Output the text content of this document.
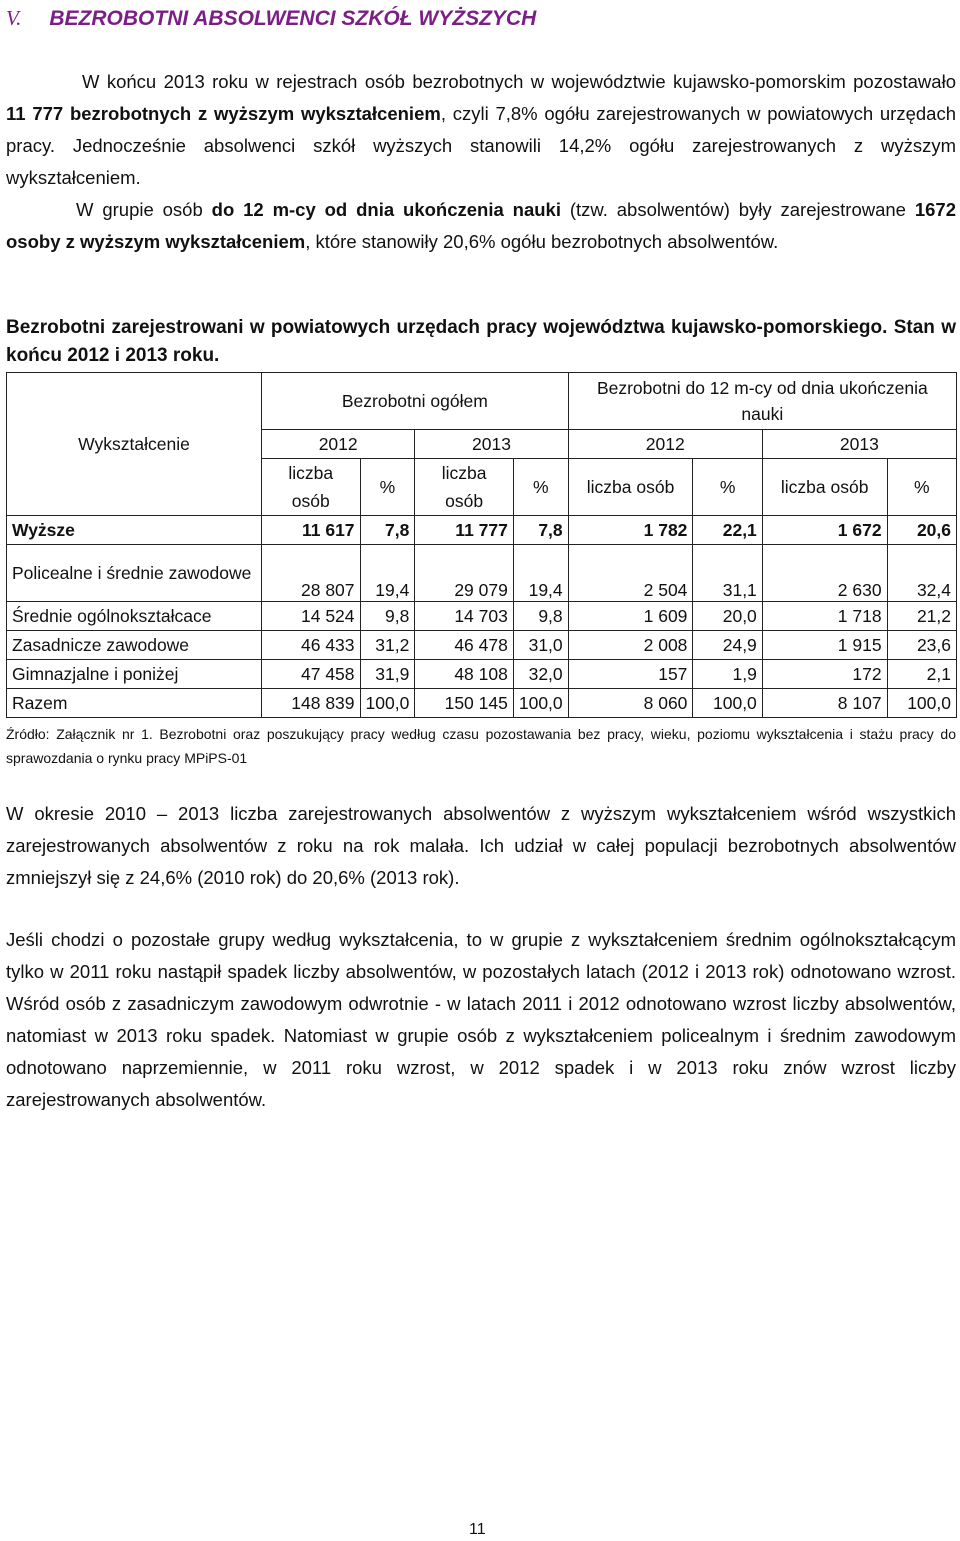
V. BEZROBOTNI ABSOLWENCI SZKÓŁ WYŻSZYCH

W końcu 2013 roku w rejestrach osób bezrobotnych w województwie kujawsko-pomorskim pozostawało 11 777 bezrobotnych z wyższym wykształceniem, czyli 7,8% ogółu zarejestrowanych w powiatowych urzędach pracy. Jednocześnie absolwenci szkół wyższych stanowili 14,2% ogółu zarejestrowanych z wyższym wykształceniem.

W grupie osób do 12 m-cy od dnia ukończenia nauki (tzw. absolwentów) były zarejestrowane 1672 osoby z wyższym wykształceniem, które stanowiły 20,6% ogółu bezrobotnych absolwentów.

Bezrobotni zarejestrowani w powiatowych urzędach pracy województwa kujawsko-pomorskiego. Stan w końcu 2012 i 2013 roku.
	Bezrobotni ogółem				Bezrobotni do 12 m-cy od dnia ukończenia nauki			
Wykształcenie	2012		2013		2012		2013	
	liczba osób	%	liczba osób	%	liczba osób	%	liczba osób	%
Wyższe	11 617	7,8	11 777	7,8	1 782	22,1	1 672	20,6
Policealne i średnie zawodowe	28 807	19,4	29 079	19,4	2 504	31,1	2 630	32,4
Średnie ogólnokształcace	14 524	9,8	14 703	9,8	1 609	20,0	1 718	21,2
Zasadnicze zawodowe	46 433	31,2	46 478	31,0	2 008	24,9	1 915	23,6
Gimnazjalne i poniżej	47 458	31,9	48 108	32,0	157	1,9	172	2,1
Razem	148 839	100,0	150 145	100,0	8 060	100,0	8 107	100,0
Źródło: Załącznik nr 1. Bezrobotni oraz poszukujący pracy według czasu pozostawania bez pracy, wieku, poziomu wykształcenia i stażu pracy do sprawozdania o rynku pracy MPiPS-01
W okresie 2010 – 2013 liczba zarejestrowanych absolwentów z wyższym wykształceniem wśród wszystkich zarejestrowanych absolwentów z roku na rok malała. Ich udział w całej populacji bezrobotnych absolwentów zmniejszył się z 24,6% (2010 rok) do 20,6% (2013 rok).
Jeśli chodzi o pozostałe grupy według wykształcenia, to w grupie z wykształceniem średnim ogólnokształcącym tylko w 2011 roku nastąpił spadek liczby absolwentów, w pozostałych latach (2012 i 2013 rok) odnotowano wzrost. Wśród osób z zasadniczym zawodowym odwrotnie - w latach 2011 i 2012 odnotowano wzrost liczby absolwentów, natomiast w 2013 roku spadek. Natomiast w grupie osób z wykształceniem policealnym i średnim zawodowym odnotowano naprzemiennie, w 2011 roku wzrost, w 2012 spadek i w 2013 roku znów wzrost liczby zarejestrowanych absolwentów.
11
